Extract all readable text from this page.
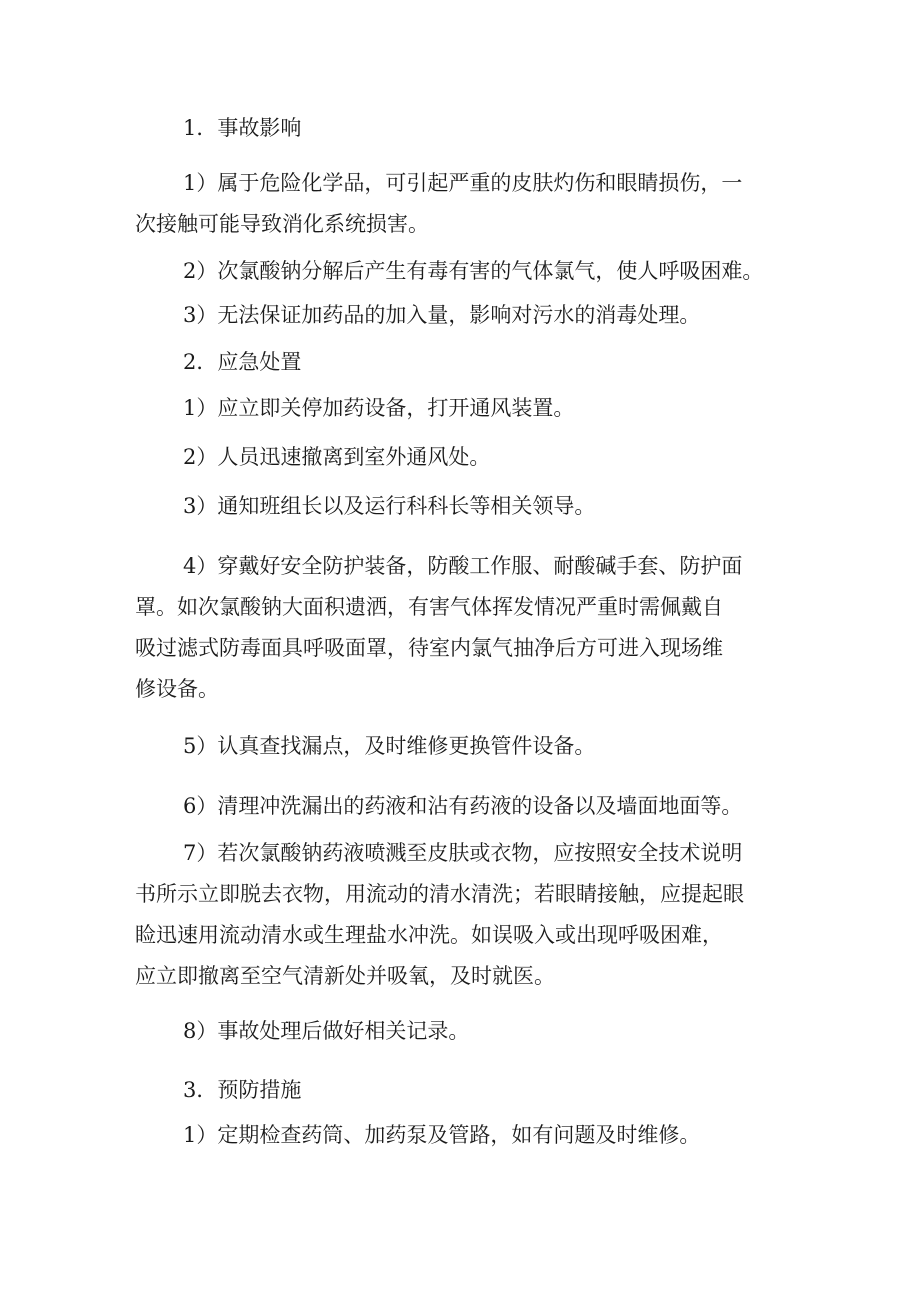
1．事故影响

1）属于危险化学品，可引起严重的皮肤灼伤和眼睛损伤，一

次接触可能导致消化系统损害。

2）次氯酸钠分解后产生有毒有害的气体氯气，使人呼吸困难。

3）无法保证加药品的加入量，影响对污水的消毒处理。

2．应急处置

1）应立即关停加药设备，打开通风装置。

2）人员迅速撤离到室外通风处。

3）通知班组长以及运行科科长等相关领导。

4）穿戴好安全防护装备，防酸工作服、耐酸碱手套、防护面

罩。如次氯酸钠大面积遗洒，有害气体挥发情况严重时需佩戴自

吸过滤式防毒面具呼吸面罩，待室内氯气抽净后方可进入现场维

修设备。

5）认真查找漏点，及时维修更换管件设备。

6）清理冲洗漏出的药液和沾有药液的设备以及墙面地面等。

7）若次氯酸钠药液喷溅至皮肤或衣物，应按照安全技术说明

书所示立即脱去衣物，用流动的清水清洗；若眼睛接触，应提起眼

睑迅速用流动清水或生理盐水冲洗。如误吸入或出现呼吸困难，

应立即撤离至空气清新处并吸氧，及时就医。

8）事故处理后做好相关记录。

3．预防措施

1）定期检查药筒、加药泵及管路，如有问题及时维修。
